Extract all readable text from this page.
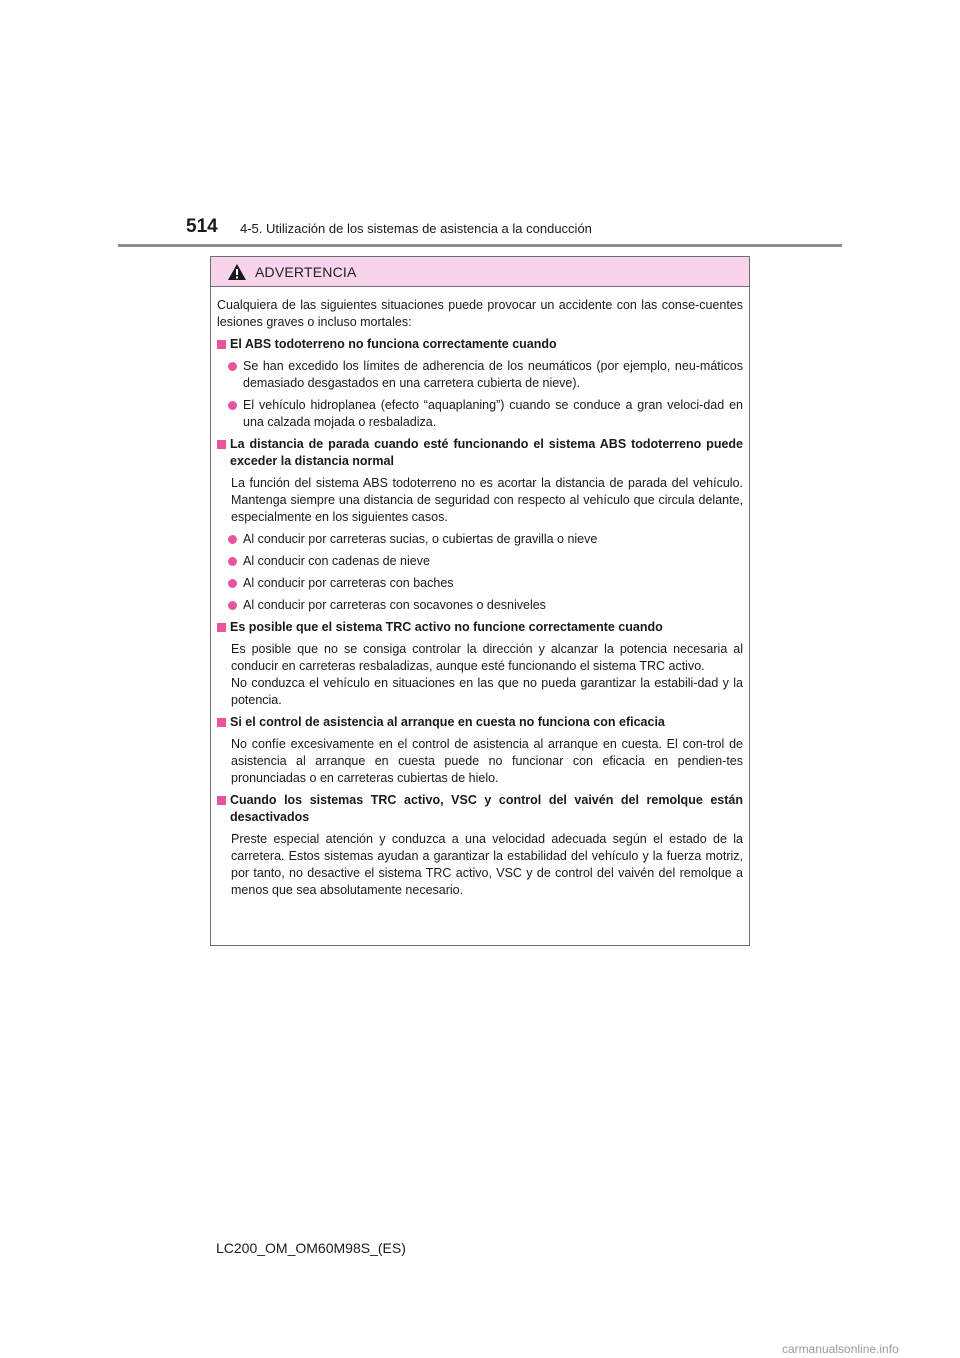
514 4-5. Utilización de los sistemas de asistencia a la conducción
ADVERTENCIA

Cualquiera de las siguientes situaciones puede provocar un accidente con las conse-cuentes lesiones graves o incluso mortales:

El ABS todoterreno no funciona correctamente cuando
Se han excedido los límites de adherencia de los neumáticos (por ejemplo, neu-máticos demasiado desgastados en una carretera cubierta de nieve).
El vehículo hidroplanea (efecto “aquaplaning”) cuando se conduce a gran veloci-dad en una calzada mojada o resbaladiza.
La distancia de parada cuando esté funcionando el sistema ABS todoterreno puede exceder la distancia normal

La función del sistema ABS todoterreno no es acortar la distancia de parada del vehículo. Mantenga siempre una distancia de seguridad con respecto al vehículo que circula delante, especialmente en los siguientes casos.

Al conducir por carreteras sucias, o cubiertas de gravilla o nieve
Al conducir con cadenas de nieve
Al conducir por carreteras con baches
Al conducir por carreteras con socavones o desniveles
Es posible que el sistema TRC activo no funcione correctamente cuando

Es posible que no se consiga controlar la dirección y alcanzar la potencia necesaria al conducir en carreteras resbaladizas, aunque esté funcionando el sistema TRC activo.

No conduzca el vehículo en situaciones en las que no pueda garantizar la estabili-dad y la potencia.

Si el control de asistencia al arranque en cuesta no funciona con eficacia

No confíe excesivamente en el control de asistencia al arranque en cuesta. El con-trol de asistencia al arranque en cuesta puede no funcionar con eficacia en pendien-tes pronunciadas o en carreteras cubiertas de hielo.

Cuando los sistemas TRC activo, VSC y control del vaivén del remolque están desactivados

Preste especial atención y conduzca a una velocidad adecuada según el estado de la carretera. Estos sistemas ayudan a garantizar la estabilidad del vehículo y la fuerza motriz, por tanto, no desactive el sistema TRC activo, VSC y de control del vaivén del remolque a menos que sea absolutamente necesario.

LC200_OM_OM60M98S_(ES)
carmanualsonline.info
